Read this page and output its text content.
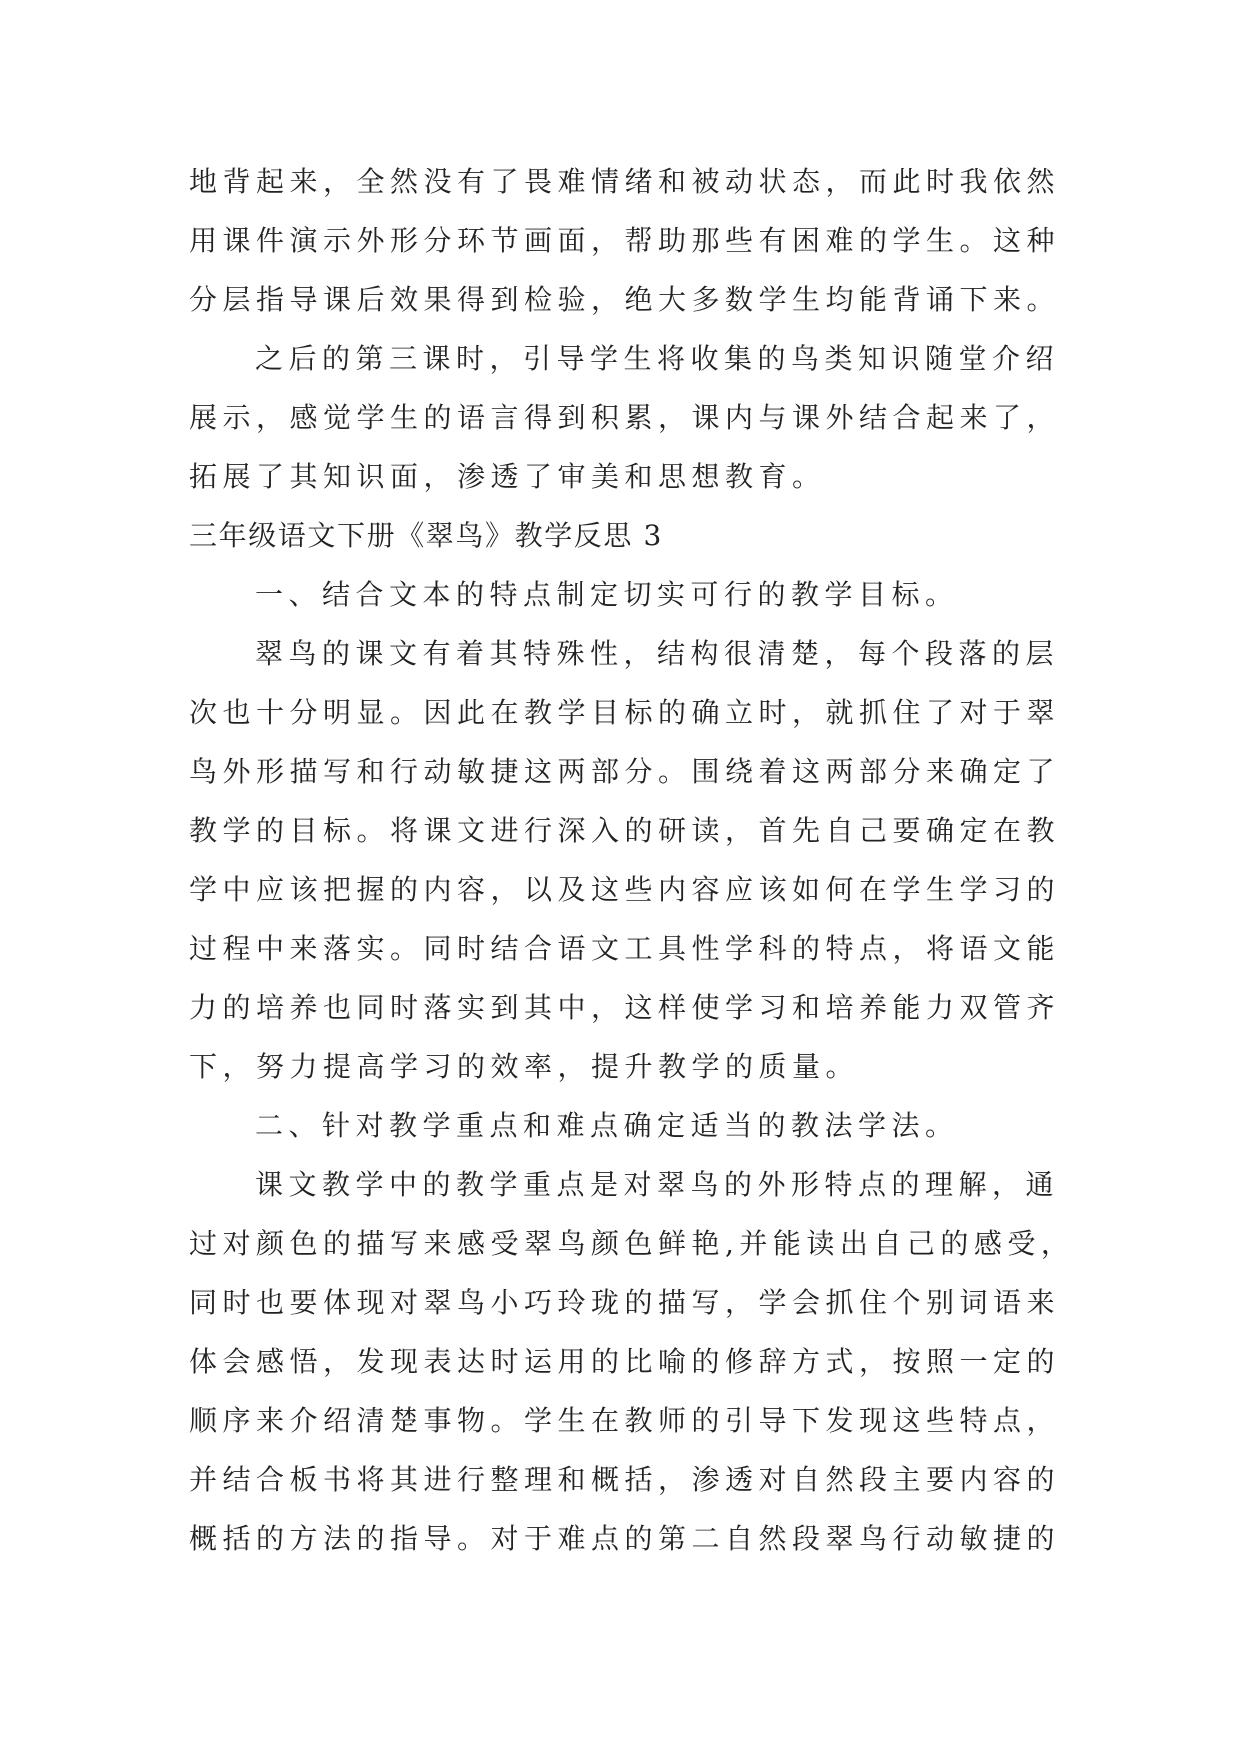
地背起来，全然没有了畏难情绪和被动状态，而此时我依然
用课件演示外形分环节画面，帮助那些有困难的学生。这种
分层指导课后效果得到检验，绝大多数学生均能背诵下来。
之后的第三课时，引导学生将收集的鸟类知识随堂介绍
展示，感觉学生的语言得到积累，课内与课外结合起来了，
拓展了其知识面，渗透了审美和思想教育。
三年级语文下册《翠鸟》教学反思 3
一、结合文本的特点制定切实可行的教学目标。
翠鸟的课文有着其特殊性，结构很清楚，每个段落的层
次也十分明显。因此在教学目标的确立时，就抓住了对于翠
鸟外形描写和行动敏捷这两部分。围绕着这两部分来确定了
教学的目标。将课文进行深入的研读，首先自己要确定在教
学中应该把握的内容，以及这些内容应该如何在学生学习的
过程中来落实。同时结合语文工具性学科的特点，将语文能
力的培养也同时落实到其中，这样使学习和培养能力双管齐
下，努力提高学习的效率，提升教学的质量。
二、针对教学重点和难点确定适当的教法学法。
课文教学中的教学重点是对翠鸟的外形特点的理解，通
过对颜色的描写来感受翠鸟颜色鲜艳,并能读出自己的感受，
同时也要体现对翠鸟小巧玲珑的描写，学会抓住个别词语来
体会感悟，发现表达时运用的比喻的修辞方式，按照一定的
顺序来介绍清楚事物。学生在教师的引导下发现这些特点，
并结合板书将其进行整理和概括，渗透对自然段主要内容的
概括的方法的指导。对于难点的第二自然段翠鸟行动敏捷的
